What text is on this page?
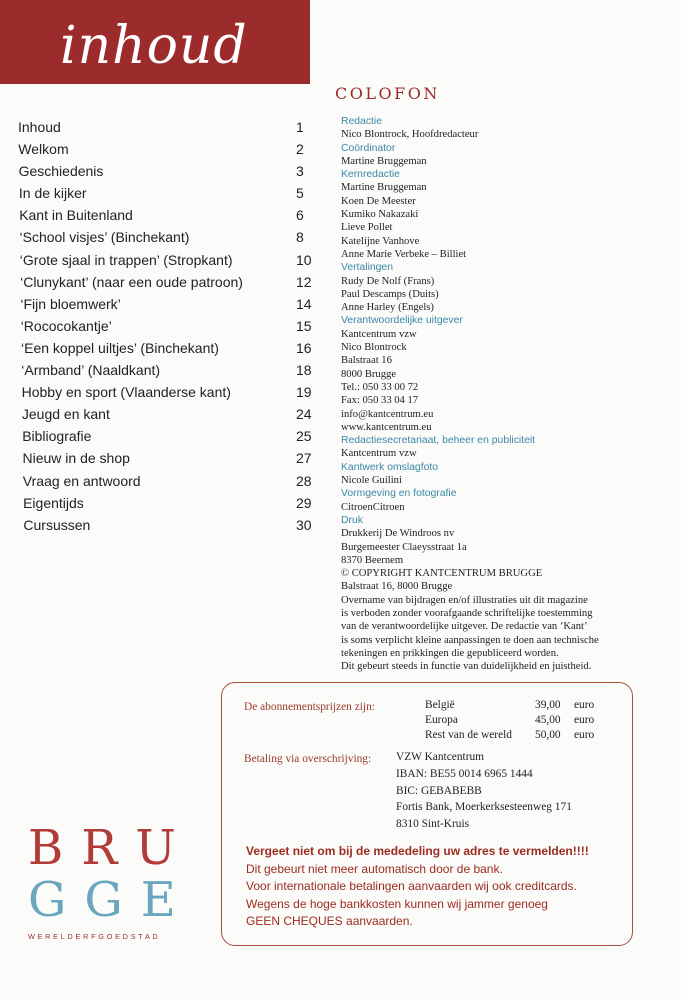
inhoud
Inhoud	1
Welkom	2
Geschiedenis	3
In de kijker	5
Kant in Buitenland	6
‘School visjes’ (Binchekant)	8
‘Grote sjaal in trappen’ (Stropkant)	10
‘Clunykant’ (naar een oude patroon)	12
‘Fijn bloemwerk’	14
‘Rococokantje’	15
‘Een koppel uiltjes’ (Binchekant)	16
‘Armband’ (Naaldkant)	18
Hobby en sport (Vlaanderse kant)	19
Jeugd en kant	24
Bibliografie	25
Nieuw in de shop	27
Vraag en antwoord	28
Eigentijds	29
Cursussen	30
COLOFON
Redactie
Nico Blontrock, Hoofdredacteur
Coördinator
Martine Bruggeman
Kernredactie
Martine Bruggeman
Koen De Meester
Kumiko Nakazaki
Lieve Pollet
Katelijne Vanhove
Anne Marie Verbeke – Billiet
Vertalingen
Rudy De Nolf (Frans)
Paul Descamps (Duits)
Anne Harley (Engels)
Verantwoordelijke uitgever
Kantcentrum vzw
Nico Blontrock
Balstraat 16
8000 Brugge
Tel.: 050 33 00 72
Fax: 050 33 04 17
info@kantcentrum.eu
www.kantcentrum.eu
Redactiesecretariaat, beheer en publiciteit
Kantcentrum vzw
Kantwerk omslagfoto
Nicole Guilini
Vormgeving en fotografie
CitroenCitroen
Druk
Drukkerij De Windroos nv
Burgemeester Claeysstraat 1a
8370 Beernem
© COPYRIGHT KANTCENTRUM BRUGGE
Balstraat 16, 8000 Brugge
Overname van bijdragen en/of illustraties uit dit magazine
is verboden zonder voorafgaande schriftelijke toestemming
van de verantwoordelijke uitgever. De redactie van ‘Kant’
is soms verplicht kleine aanpassingen te doen aan technische
tekeningen en prikkingen die gepubliceerd worden.
Dit gebeurt steeds in functie van duidelijkheid en juistheid.
De abonnementsprijzen zijn:	België	39,00 euro
Europa	45,00 euro
Rest van de wereld 50,00 euro
Betaling via overschrijving: VZW Kantcentrum
IBAN: BE55 0014 6965 1444
BIC: GEBABEBB
Fortis Bank, Moerkerksesteenweg 171
8310 Sint-Kruis
Vergeet niet om bij de mededeling uw adres te vermelden!!!!
Dit gebeurt niet meer automatisch door de bank.
Voor internationale betalingen aanvaarden wij ook creditcards.
Wegens de hoge bankkosten kunnen wij jammer genoeg
GEEN CHEQUES aanvaarden.
BRU
GGE
WERELDERFGOEDSTAD
